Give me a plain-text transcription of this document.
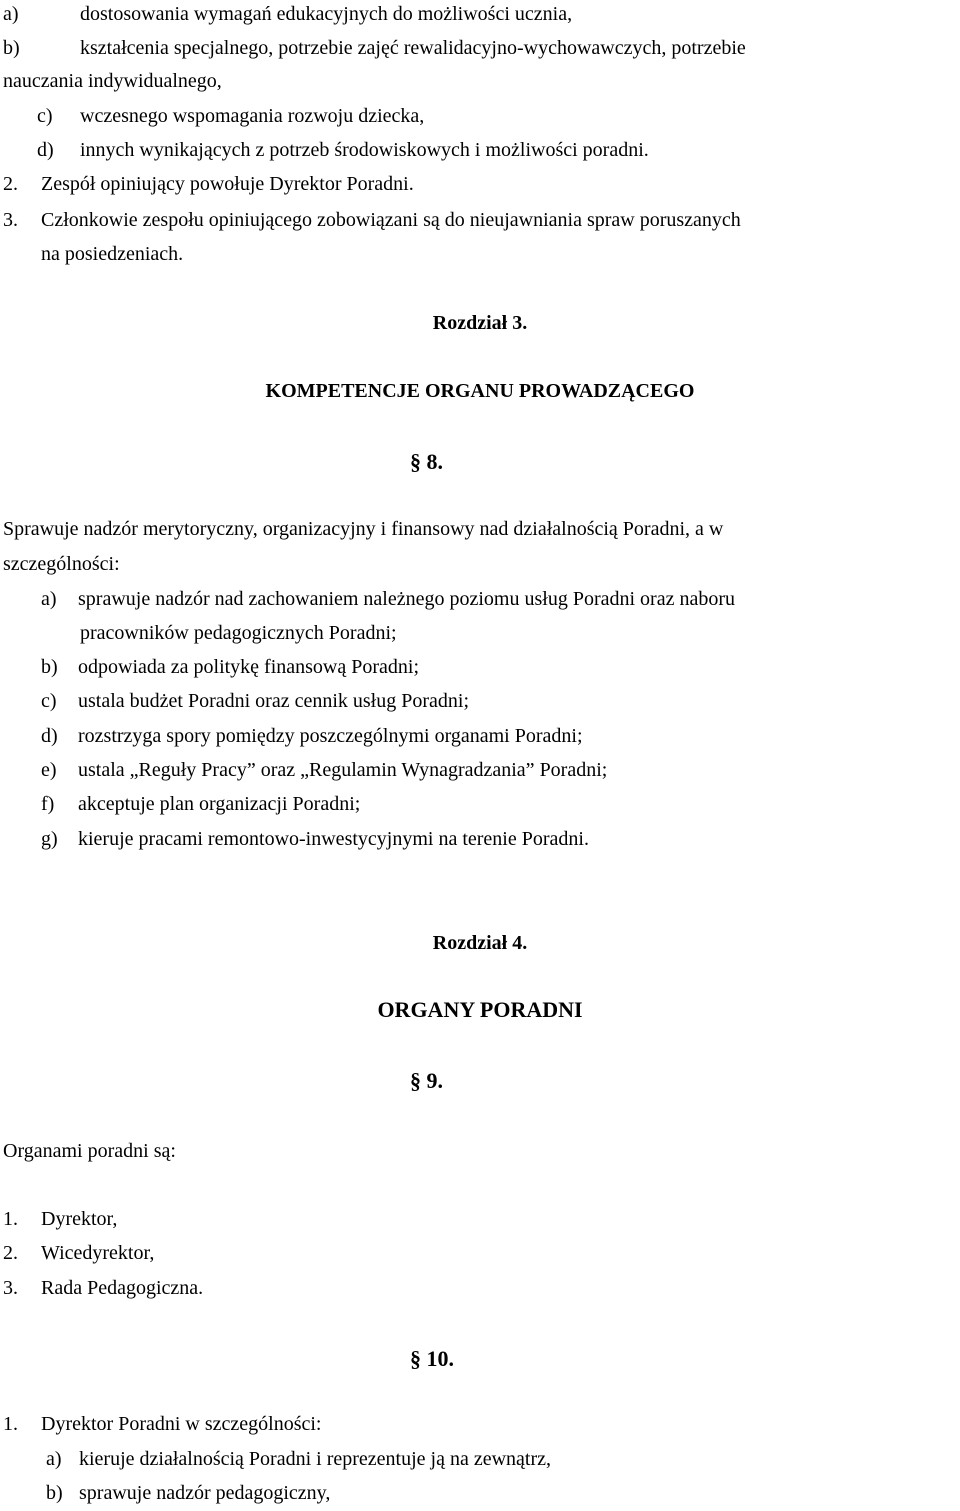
a)	dostosowania wymagań edukacyjnych do możliwości ucznia,
b)	kształcenia specjalnego, potrzebie zajęć rewalidacyjno-wychowawczych, potrzebie
nauczania indywidualnego,
c) wczesnego wspomagania rozwoju dziecka,
d) innych wynikających z potrzeb środowiskowych i możliwości poradni.
2. Zespół opiniujący powołuje Dyrektor Poradni.
3. Członkowie zespołu opiniującego zobowiązani są do nieujawniania spraw poruszanych
na posiedzeniach.
Rozdział 3.
KOMPETENCJE ORGANU PROWADZĄCEGO
§ 8.
Sprawuje nadzór merytoryczny, organizacyjny i finansowy nad działalnością Poradni, a w
szczególności:
a) sprawuje nadzór nad zachowaniem należnego poziomu usług Poradni oraz naboru
pracowników pedagogicznych Poradni;
b) odpowiada za politykę finansową Poradni;
c) ustala budżet Poradni oraz cennik usług Poradni;
d) rozstrzyga spory pomiędzy poszczególnymi organami Poradni;
e) ustala „Reguły Pracy” oraz „Regulamin Wynagradzania” Poradni;
f) akceptuje plan organizacji Poradni;
g) kieruje pracami remontowo-inwestycyjnymi na terenie Poradni.
Rozdział 4.
ORGANY PORADNI
§ 9.
Organami poradni są:
1. Dyrektor,
2. Wicedyrektor,
3. Rada Pedagogiczna.
§ 10.
1. Dyrektor Poradni w szczególności:
a) kieruje działalnością Poradni i reprezentuje ją na zewnątrz,
b) sprawuje nadzór pedagogiczny,
